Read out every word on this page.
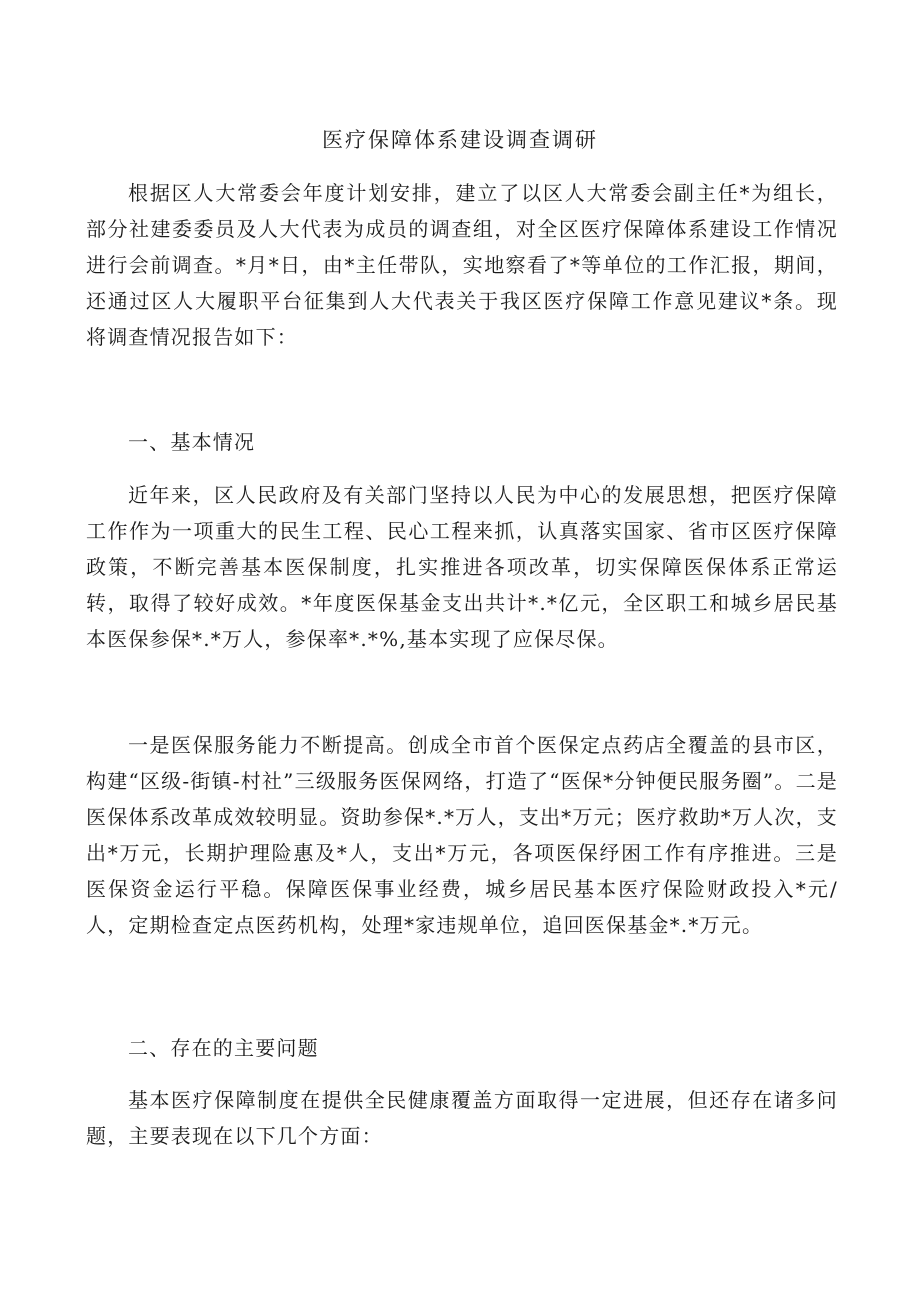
医疗保障体系建设调查调研

根据区人大常委会年度计划安排，建立了以区人大常委会副主任*为组长，部分社建委委员及人大代表为成员的调查组，对全区医疗保障体系建设工作情况进行会前调查。*月*日，由*主任带队，实地察看了*等单位的工作汇报，期间，还通过区人大履职平台征集到人大代表关于我区医疗保障工作意见建议*条。现将调查情况报告如下：

一、基本情况

近年来，区人民政府及有关部门坚持以人民为中心的发展思想，把医疗保障工作作为一项重大的民生工程、民心工程来抓，认真落实国家、省市区医疗保障政策，不断完善基本医保制度，扎实推进各项改革，切实保障医保体系正常运转，取得了较好成效。*年度医保基金支出共计*.*亿元，全区职工和城乡居民基本医保参保*.*万人，参保率*.*%,基本实现了应保尽保。

一是医保服务能力不断提高。创成全市首个医保定点药店全覆盖的县市区，构建“区级-街镇-村社”三级服务医保网络，打造了“医保*分钟便民服务圈”。二是医保体系改革成效较明显。资助参保*.*万人，支出*万元；医疗救助*万人次，支出*万元，长期护理险惠及*人，支出*万元，各项医保纾困工作有序推进。三是医保资金运行平稳。保障医保事业经费，城乡居民基本医疗保险财政投入*元/人，定期检查定点医药机构，处理*家违规单位，追回医保基金*.*万元。

二、存在的主要问题

基本医疗保障制度在提供全民健康覆盖方面取得一定进展，但还存在诸多问题，主要表现在以下几个方面：
